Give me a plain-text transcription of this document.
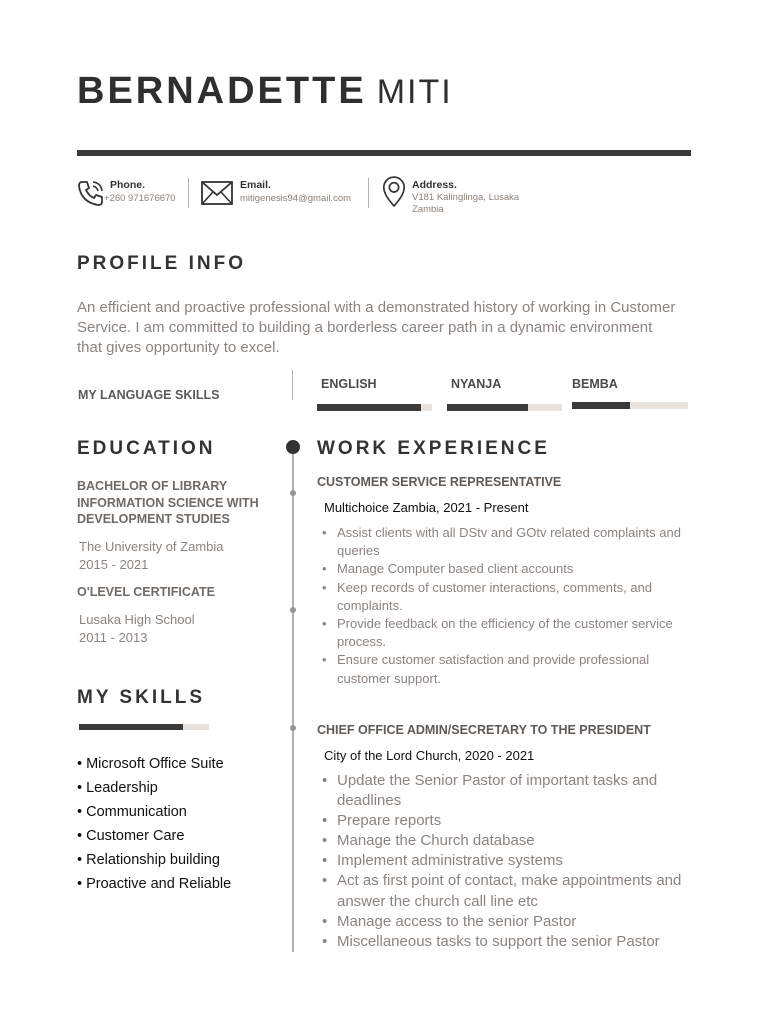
BERNADETTE MITI
Phone.
+260 971676670
Email.
mitigenesis94@gmail.com
Address.
V181 Kalinglinga, Lusaka
Zambia
PROFILE INFO
An efficient and proactive professional with a demonstrated history of working in Customer Service. I am committed to building a borderless career path in a dynamic environment that gives opportunity to excel.
MY LANGUAGE SKILLS
ENGLISH	NYANJA	BEMBA
EDUCATION
BACHELOR OF LIBRARY INFORMATION SCIENCE WITH DEVELOPMENT STUDIES
The University of Zambia
2015 - 2021
O'LEVEL CERTIFICATE
Lusaka High School
2011 - 2013
MY SKILLS
• Microsoft Office Suite
• Leadership
• Communication
• Customer Care
• Relationship building
• Proactive and Reliable
WORK EXPERIENCE
CUSTOMER SERVICE REPRESENTATIVE
Multichoice Zambia, 2021 - Present
• Assist clients with all DStv and GOtv related complaints and queries
• Manage Computer based client accounts
• Keep records of customer interactions, comments, and complaints.
• Provide feedback on the efficiency of the customer service process.
• Ensure customer satisfaction and provide professional customer support.
CHIEF OFFICE ADMIN/SECRETARY TO THE PRESIDENT
City of the Lord Church, 2020 - 2021
• Update the Senior Pastor of important tasks and deadlines
• Prepare reports
• Manage the Church database
• Implement administrative systems
• Act as first point of contact, make appointments and answer the church call line etc
• Manage access to the senior Pastor
• Miscellaneous tasks to support the senior Pastor
